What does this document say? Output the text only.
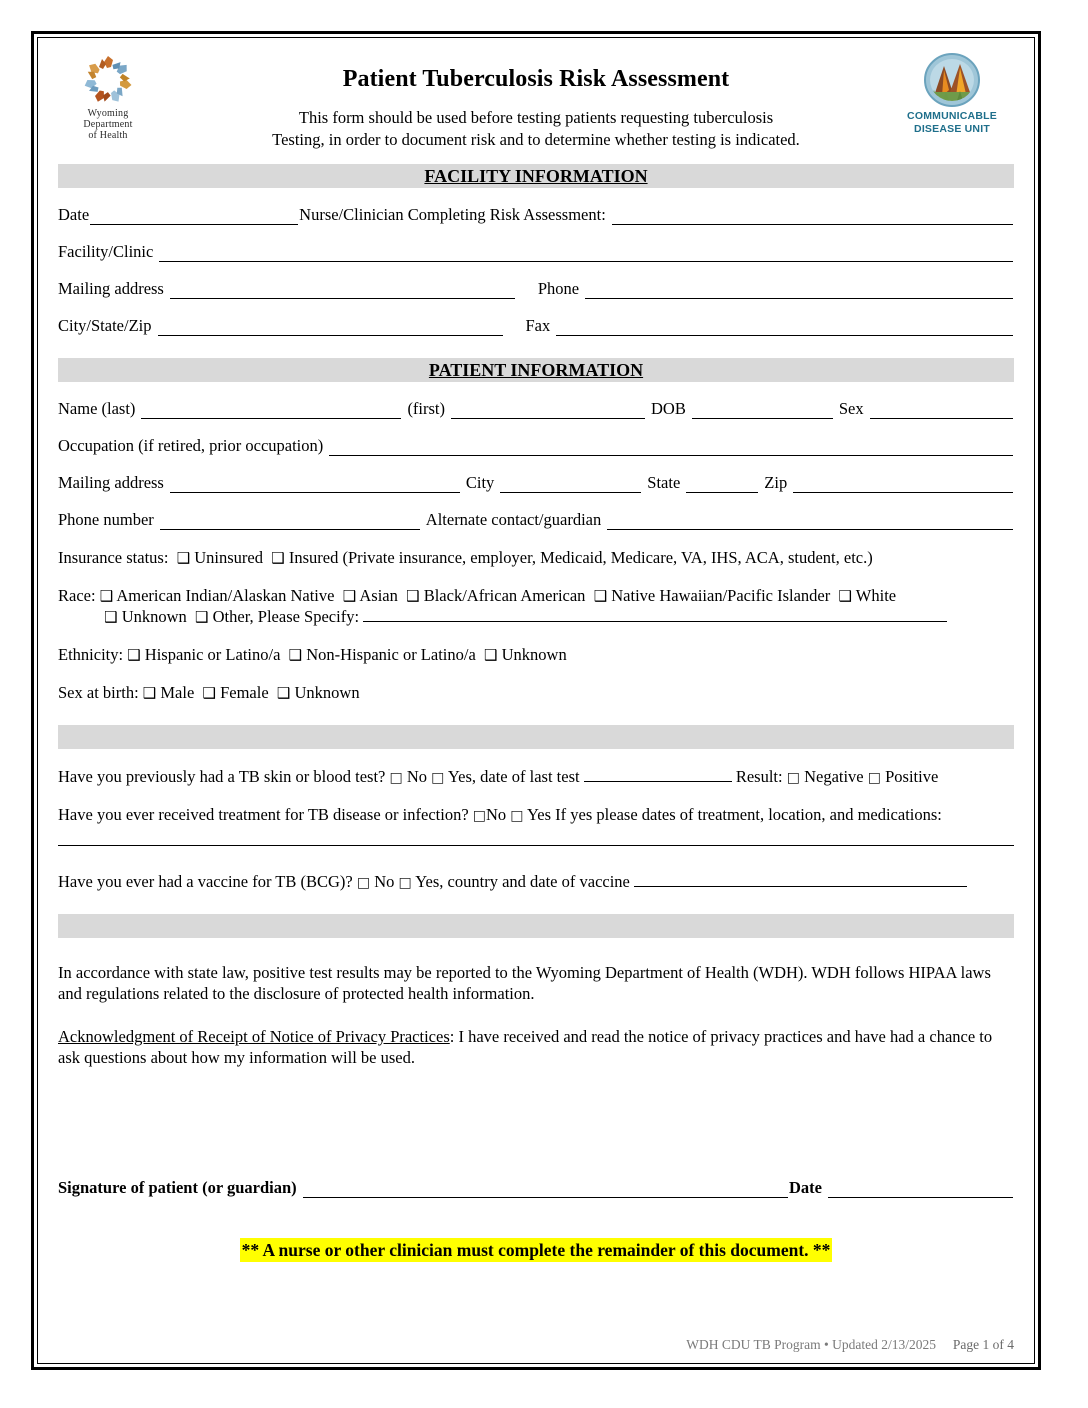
Wyoming
Department
of Health
COMMUNICABLE
DISEASE UNIT
Patient Tuberculosis Risk Assessment
This form should be used before testing patients requesting tuberculosis
Testing, in order to document risk and to determine whether testing is indicated.
FACILITY INFORMATION
Date	Nurse/Clinician Completing Risk Assessment:
Facility/Clinic
Mailing address	Phone
City/State/Zip	Fax
PATIENT INFORMATION
Name (last)	(first)	DOB	Sex
Occupation (if retired, prior occupation)
Mailing address	City	State	Zip
Phone number	Alternate contact/guardian
Insurance status: ❑ Uninsured ❑ Insured (Private insurance, employer, Medicaid, Medicare, VA, IHS, ACA, student, etc.)
Race: ❑ American Indian/Alaskan Native ❑ Asian ❑ Black/African American ❑ Native Hawaiian/Pacific Islander ❑ White
❑ Unknown ❑ Other, Please Specify:
Ethnicity: ❑ Hispanic or Latino/a ❑ Non-Hispanic or Latino/a ❑ Unknown
Sex at birth: ❑ Male ❑ Female ❑ Unknown
Have you previously had a TB skin or blood test? □ No □ Yes, date of last test	Result: □ Negative □ Positive
Have you ever received treatment for TB disease or infection? □No □ Yes If yes please dates of treatment, location, and medications:
Have you ever had a vaccine for TB (BCG)? □ No □ Yes, country and date of vaccine
In accordance with state law, positive test results may be reported to the Wyoming Department of Health (WDH). WDH follows HIPAA laws and regulations related to the disclosure of protected health information.
Acknowledgment of Receipt of Notice of Privacy Practices: I have received and read the notice of privacy practices and have had a chance to ask questions about how my information will be used.
Signature of patient (or guardian)	Date
** A nurse or other clinician must complete the remainder of this document. **
WDH CDU TB Program • Updated 2/13/2025 Page 1 of 4
